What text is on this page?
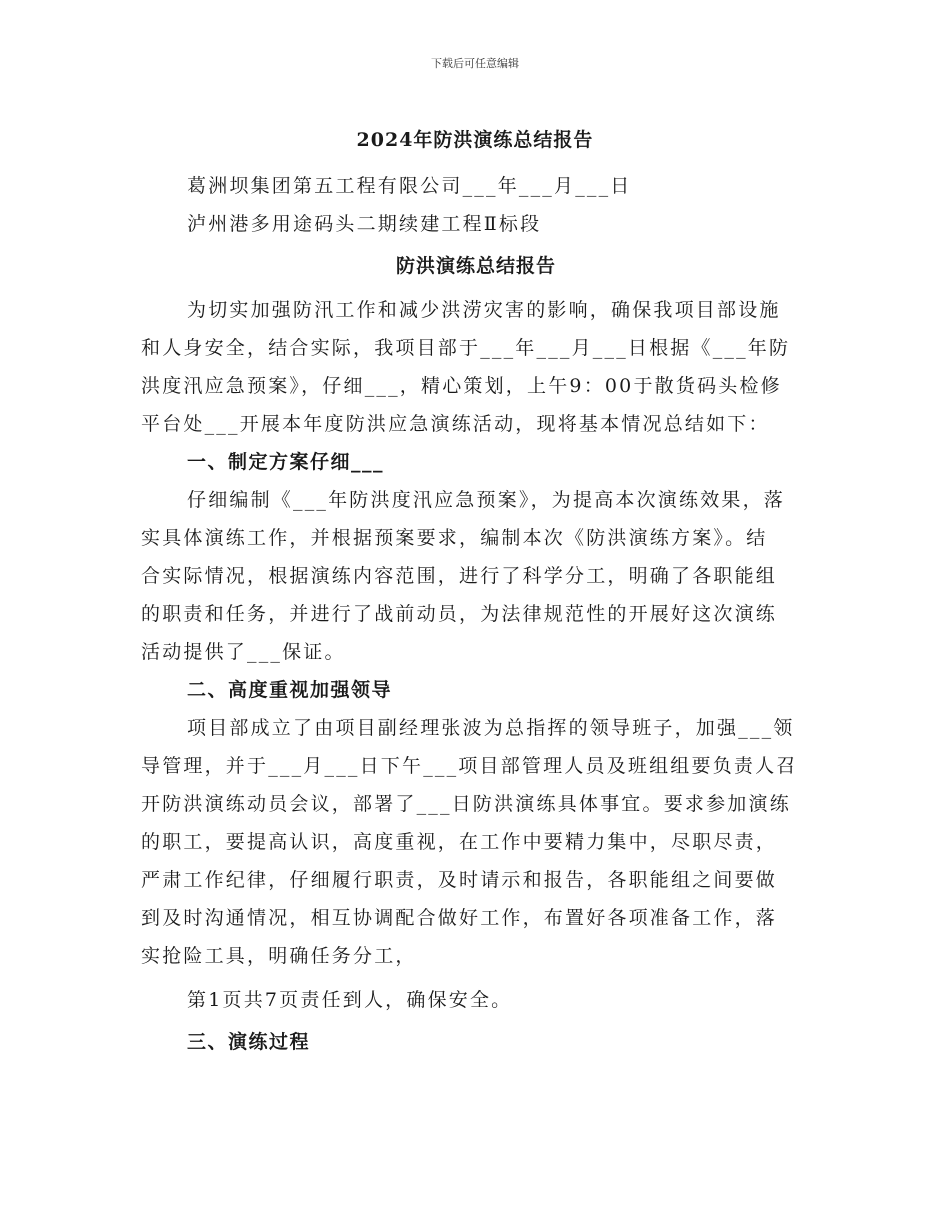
下载后可任意编辑
2024年防洪演练总结报告
葛洲坝集团第五工程有限公司___年___月___日
泸州港多用途码头二期续建工程Ⅱ标段
防洪演练总结报告
为切实加强防汛工作和减少洪涝灾害的影响，确保我项目部设施
和人身安全，结合实际，我项目部于___年___月___日根据《___年防
洪度汛应急预案》，仔细___，精心策划，上午9：00于散货码头检修
平台处___开展本年度防洪应急演练活动，现将基本情况总结如下：
一、制定方案仔细___
仔细编制《___年防洪度汛应急预案》，为提高本次演练效果，落
实具体演练工作，并根据预案要求，编制本次《防洪演练方案》。结
合实际情况，根据演练内容范围，进行了科学分工，明确了各职能组
的职责和任务，并进行了战前动员，为法律规范性的开展好这次演练
活动提供了___保证。
二、高度重视加强领导
项目部成立了由项目副经理张波为总指挥的领导班子，加强___领
导管理，并于___月___日下午___项目部管理人员及班组组要负责人召
开防洪演练动员会议，部署了___日防洪演练具体事宜。要求参加演练
的职工，要提高认识，高度重视，在工作中要精力集中，尽职尽责，
严肃工作纪律，仔细履行职责，及时请示和报告，各职能组之间要做
到及时沟通情况，相互协调配合做好工作，布置好各项准备工作，落
实抢险工具，明确任务分工，
第1页共7页责任到人，确保安全。
三、演练过程
